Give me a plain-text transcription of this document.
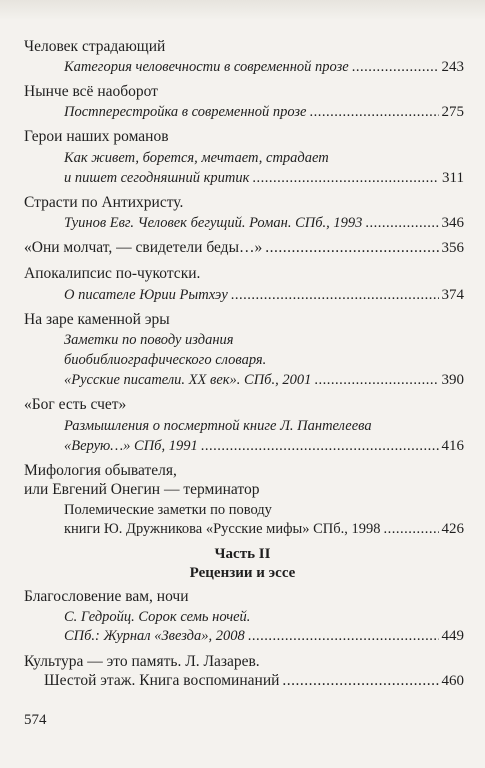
Человек страдающий
Категория человечности в современной прозе .....	243
Нынче всё наоборот
Постперестройка в современной прозе .....	275
Герои наших романов
Как живет, борется, мечтает, страдает
и пишет сегодняшний критик .....	311
Страсти по Антихристу.
Туинов Евг. Человек бегущий. Роман. СПб., 1993 .....	346
«Они молчат, — свидетели беды…» .....	356
Апокалипсис по-чукотски.
О писателе Юрии Рытхэу .....	374
На заре каменной эры
Заметки по поводу издания
биобиблиографического словаря.
«Русские писатели. XX век». СПб., 2001 .....	390
«Бог есть счет»
Размышления о посмертной книге Л. Пантелеева
«Верую…» СПб, 1991 .....	416
Мифология обывателя,
или Евгений Онегин — терминатор
Полемические заметки по поводу
книги Ю. Дружникова «Русские мифы» СПб., 1998 .....	426
Часть II
Рецензии и эссе
Благословение вам, ночи
С. Гедройц. Сорок семь ночей.
СПб.: Журнал «Звезда», 2008 .....	449
Культура — это память. Л. Лазарев.
Шестой этаж. Книга воспоминаний .....	460
574
